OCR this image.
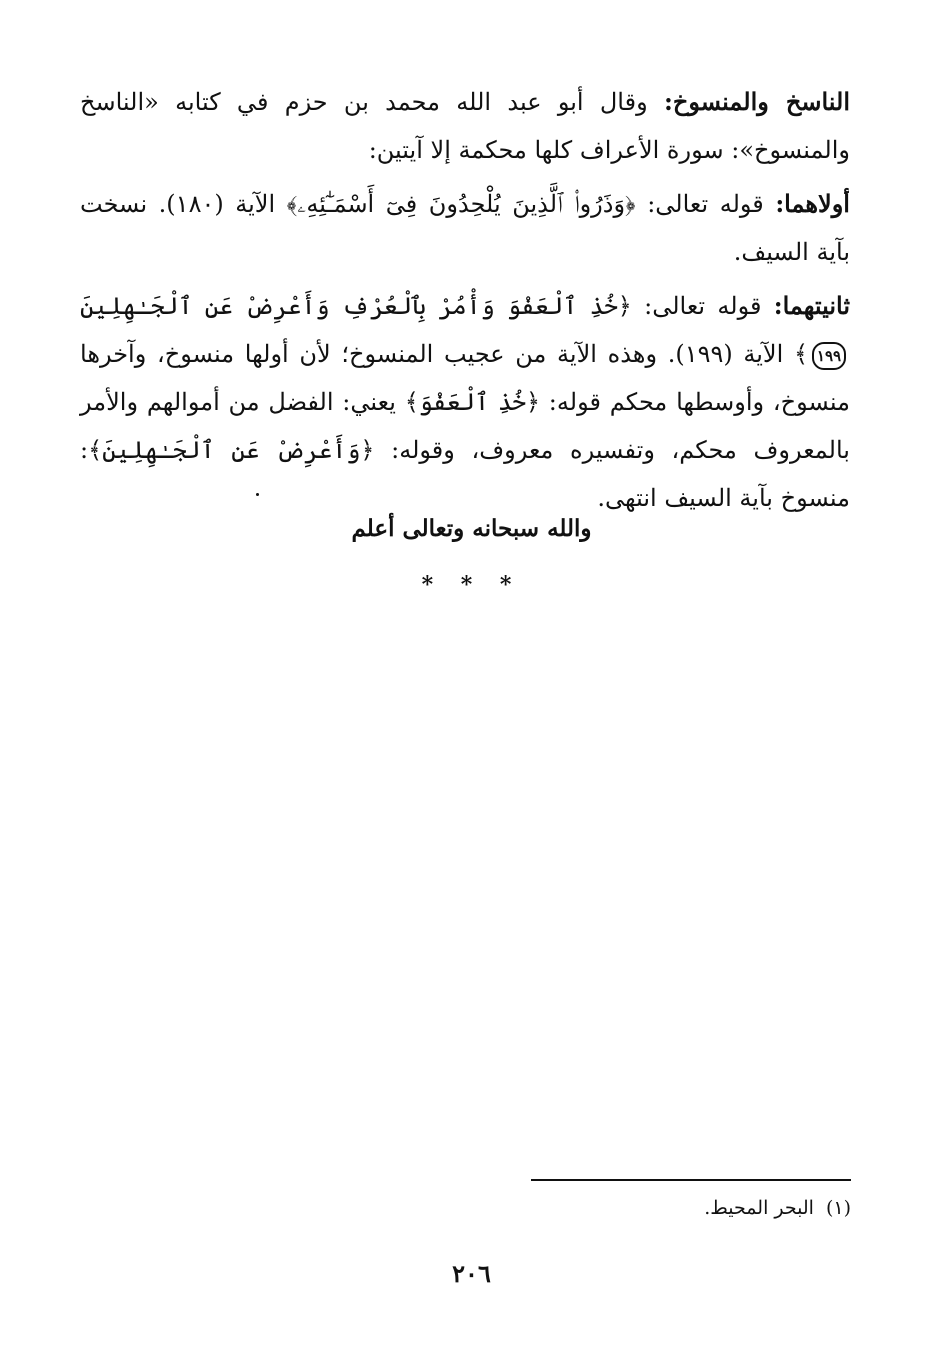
الناسخ والمنسوخ: وقال أبو عبد الله محمد بن حزم في كتابه «الناسخ والمنسوخ»: سورة الأعراف كلها محكمة إلا آيتين:

أولاهما: قوله تعالى: ﴿وَذَرُوا۟ ٱلَّذِينَ يُلْحِدُونَ فِىٓ أَسْمَـٰٓئِهِۦ﴾ الآية (١٨٠). نسخت بآية السيف.

ثانيتهما: قوله تعالى: ﴿خُذِ ٱلْعَفْوَ وَأْمُرْ بِٱلْعُرْفِ وَأَعْرِضْ عَنِ ٱلْجَـٰهِلِينَ١٩٩﴾ الآية (١٩٩). وهذه الآية من عجيب المنسوخ؛ لأن أولها منسوخ، وآخرها منسوخ، وأوسطها محكم قوله: ﴿خُذِ ٱلْعَفْوَ﴾ يعني: الفضل من أموالهم والأمر بالمعروف محكم، وتفسيره معروف، وقوله: ﴿وَأَعْرِضْ عَنِ ٱلْجَـٰهِلِينَ﴾: منسوخ بآية السيف انتهى.

والله سبحانه وتعالى أعلم
* * *
(١)البحر المحيط.
٢٠٦
